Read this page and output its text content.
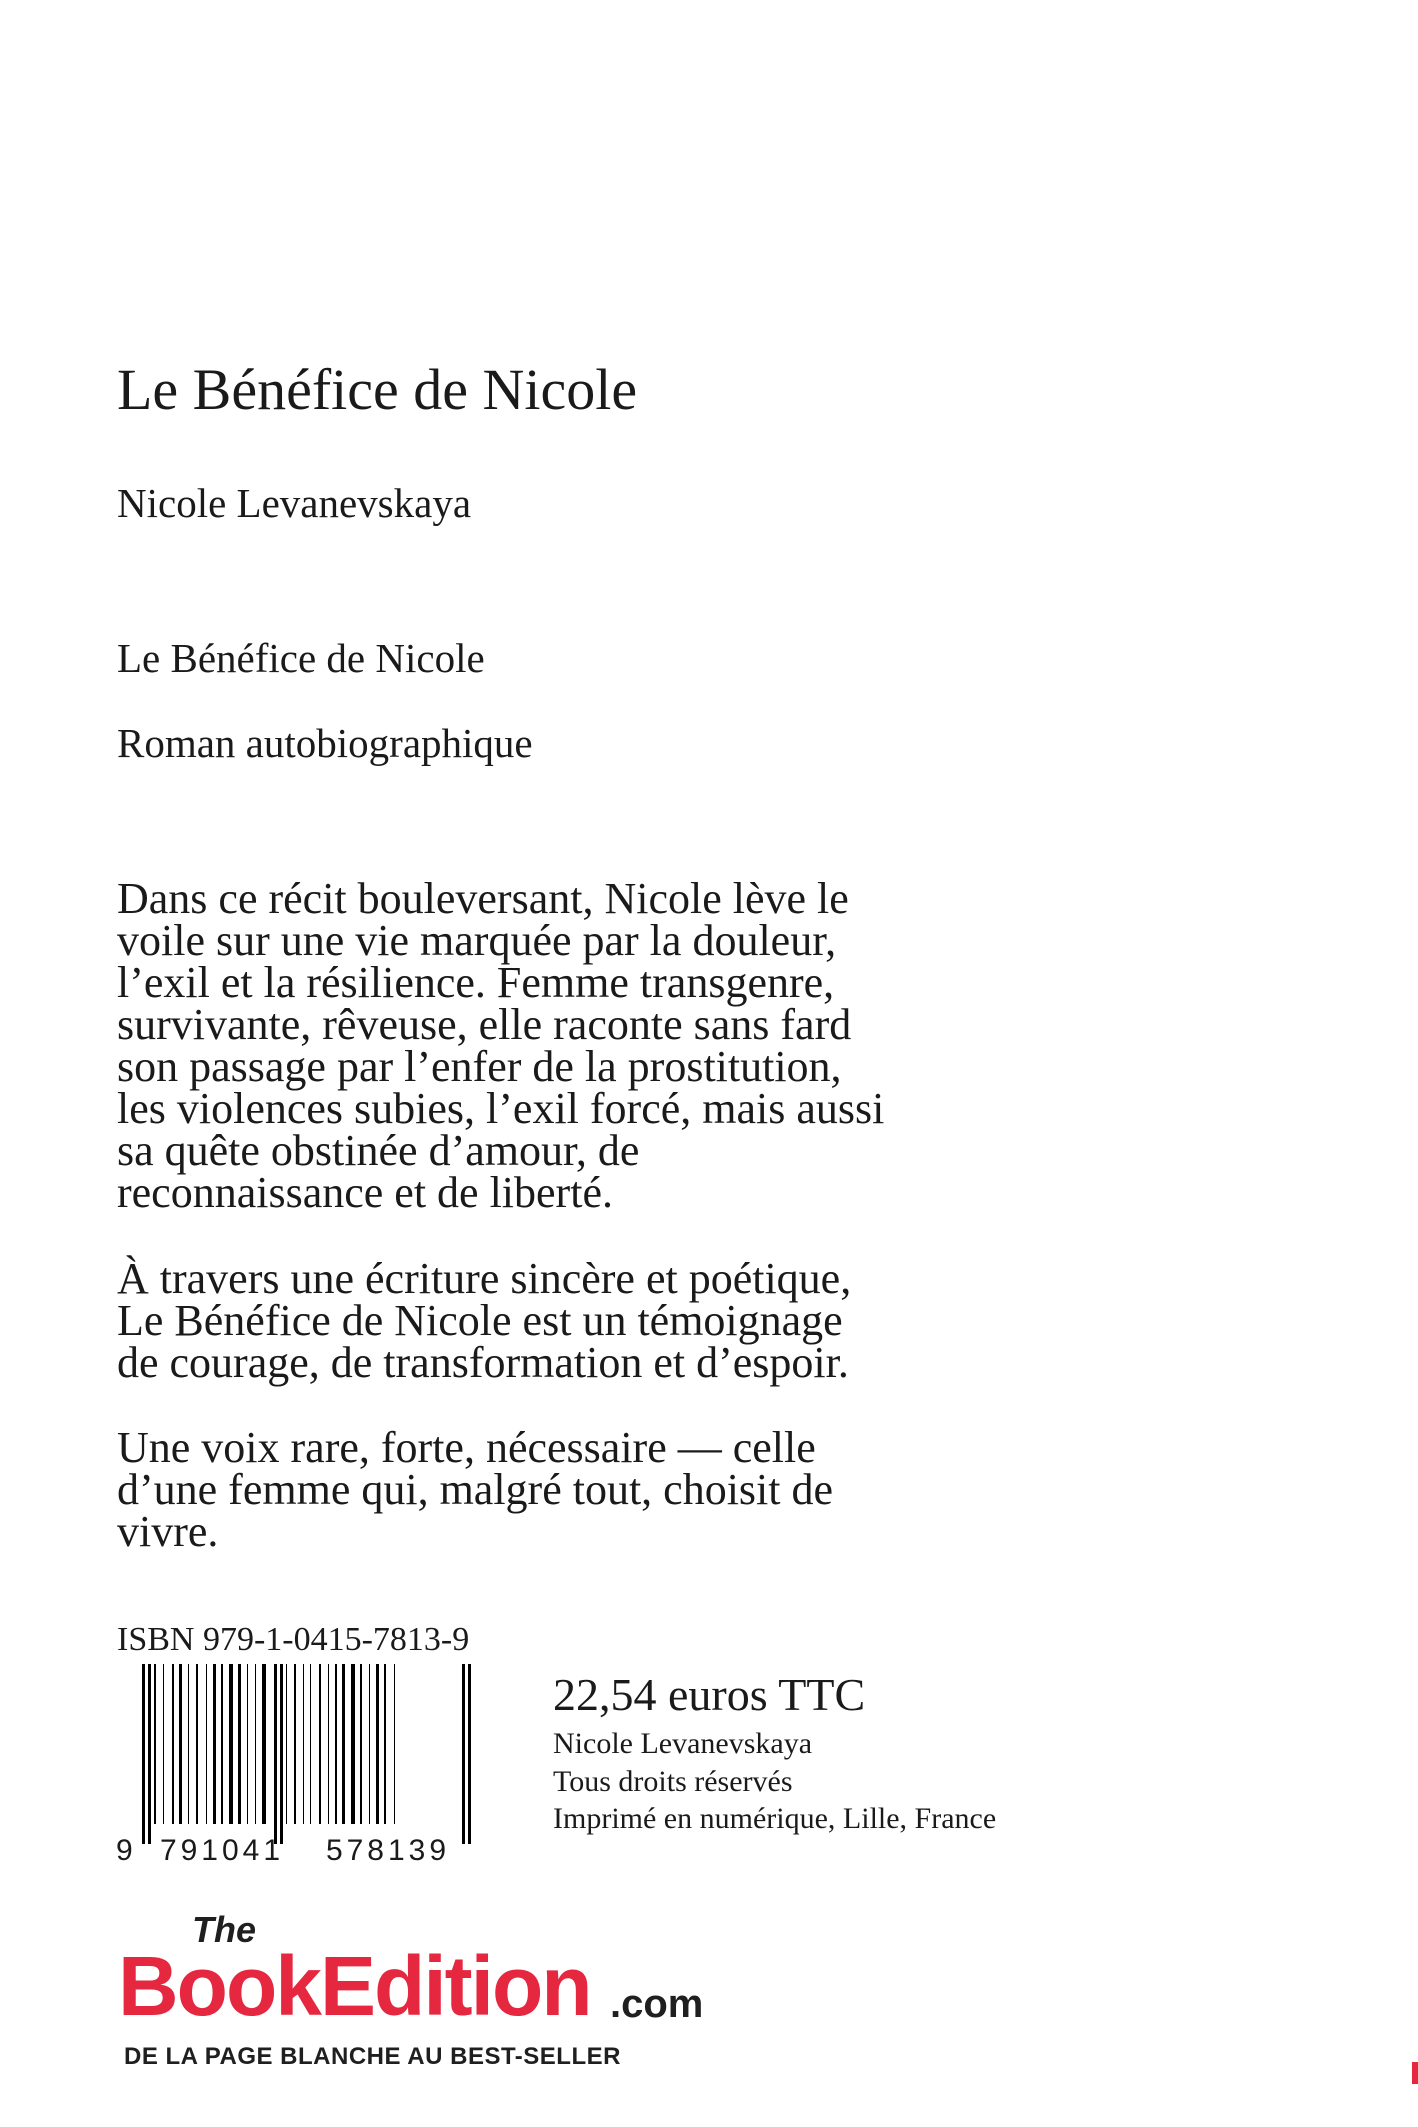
Le Bénéfice de Nicole
Nicole Levanevskaya
Le Bénéfice de Nicole
Roman autobiographique
Dans ce récit bouleversant, Nicole lève le
voile sur une vie marquée par la douleur,
l’exil et la résilience. Femme transgenre,
survivante, rêveuse, elle raconte sans fard
son passage par l’enfer de la prostitution,
les violences subies, l’exil forcé, mais aussi
sa quête obstinée d’amour, de
reconnaissance et de liberté.
À travers une écriture sincère et poétique,
Le Bénéfice de Nicole est un témoignage
de courage, de transformation et d’espoir.
Une voix rare, forte, nécessaire — celle
d’une femme qui, malgré tout, choisit de
vivre.
ISBN 979-1-0415-7813-9
9 791041 578139
22,54 euros TTC
Nicole Levanevskaya
Tous droits réservés
Imprimé en numérique, Lille, France
The
BookEdition .com
DE LA PAGE BLANCHE AU BEST-SELLER
